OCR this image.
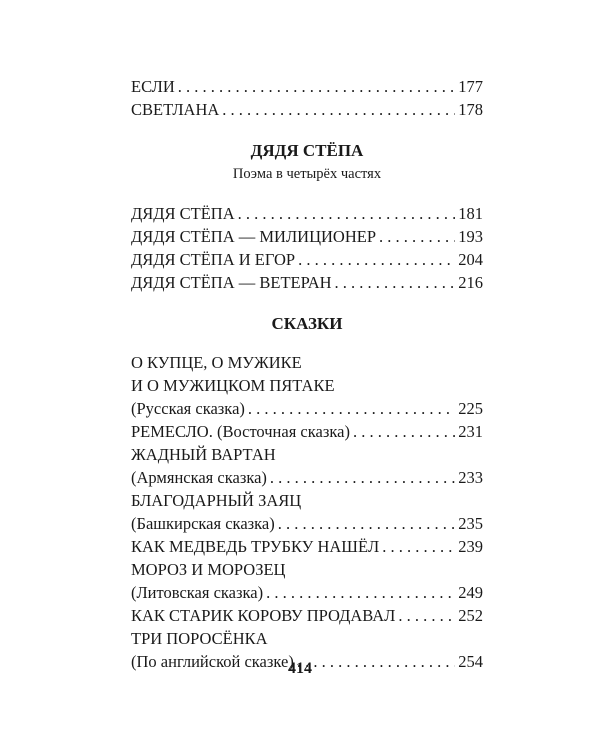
ЕСЛИ . . .	177
СВЕТЛАНА . . .	178
ДЯДЯ СТЁПА
Поэма в четырёх частях
ДЯДЯ СТЁПА . . .	181
ДЯДЯ СТЁПА — МИЛИЦИОНЕР . . .	193
ДЯДЯ СТЁПА И ЕГОР . . .	204
ДЯДЯ СТЁПА — ВЕТЕРАН . . .	216
СКАЗКИ
О КУПЦЕ, О МУЖИКЕ
И О МУЖИЦКОМ ПЯТАКЕ
(Русская сказка) . . .	225
РЕМЕСЛО. (Восточная сказка) . . .	231
ЖАДНЫЙ ВАРТАН
(Армянская сказка) . . .	233
БЛАГОДАРНЫЙ ЗАЯЦ
(Башкирская сказка) . . .	235
КАК МЕДВЕДЬ ТРУБКУ НАШЁЛ . . .	239
МОРОЗ И МОРОЗЕЦ
(Литовская сказка) . . .	249
КАК СТАРИК КОРОВУ ПРОДАВАЛ . . .	252
ТРИ ПОРОСЁНКА
(По английской сказке) . . .	254
414
